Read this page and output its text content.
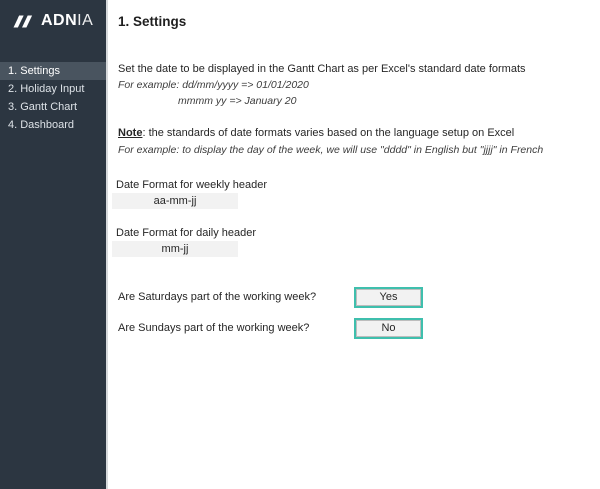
ADNIA
1. Settings
2. Holiday Input
3. Gantt Chart
4. Dashboard
1. Settings
Set the date to be displayed in the Gantt Chart as per Excel's standard date formats
For example: dd/mm/yyyy => 01/01/2020
mmmm yy => January 20
Note: the standards of date formats varies based on the language setup on Excel
For example: to display the day of the week, we will use "dddd" in English but "jjjj" in French
Date Format for weekly header
aa-mm-jj
Date Format for daily header
mm-jj
Are Saturdays part of the working week?	Yes
Are Sundays part of the working week?	No
